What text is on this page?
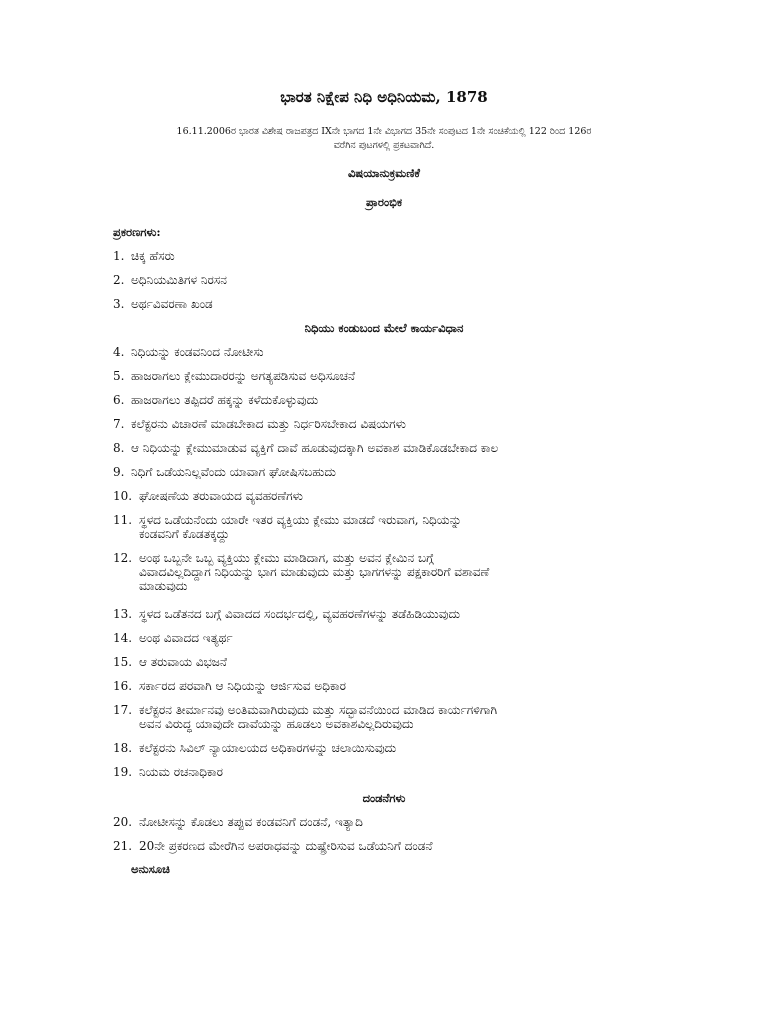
ಭಾರತ ನಿಕ್ಷೇಪ ನಿಧಿ ಅಧಿನಿಯಮ, 1878
16.11.2006ರ ಭಾರತ ವಿಶೇಷ ರಾಜಪತ್ರದ IXನೇ ಭಾಗದ 1ನೇ ವಿಭಾಗದ 35ನೇ ಸಂಪುಟದ 1ನೇ ಸಂಚಿಕೆಯಲ್ಲಿ 122 ರಿಂದ 126ರ
ವರೆಗಿನ ಪುಟಗಳಲ್ಲಿ ಪ್ರಕಟವಾಗಿದೆ.
ವಿಷಯಾನುಕ್ರಮಣಿಕೆ
ಪ್ರಾರಂಭಿಕ
ಪ್ರಕರಣಗಳು:
1. ಚಿಕ್ಕ ಹೆಸರು
2. ಅಧಿನಿಯಮಿತಿಗಳ ನಿರಸನ
3. ಅರ್ಥವಿವರಣಾ ಖಂಡ
ನಿಧಿಯು ಕಂಡುಬಂದ ಮೇಲೆ ಕಾರ್ಯವಿಧಾನ
4. ನಿಧಿಯನ್ನು ಕಂಡವನಿಂದ ನೋಟೀಸು
5. ಹಾಜರಾಗಲು ಕ್ಲೇಮುದಾರರನ್ನು ಅಗತ್ಯಪಡಿಸುವ ಅಧಿಸೂಚನೆ
6. ಹಾಜರಾಗಲು ತಪ್ಪಿದರೆ ಹಕ್ಕನ್ನು ಕಳೆದುಕೊಳ್ಳುವುದು
7. ಕಲೆಕ್ಟರನು ವಿಚಾರಣೆ ಮಾಡಬೇಕಾದ ಮತ್ತು ನಿರ್ಧರಿಸಬೇಕಾದ ವಿಷಯಗಳು
8. ಆ ನಿಧಿಯನ್ನು ಕ್ಲೇಮುಮಾಡುವ ವ್ಯಕ್ತಿಗೆ ದಾವೆ ಹೂಡುವುದಕ್ಕಾಗಿ ಅವಕಾಶ ಮಾಡಿಕೊಡಬೇಕಾದ ಕಾಲ
9. ನಿಧಿಗೆ ಒಡೆಯನಿಲ್ಲವೆಂದು ಯಾವಾಗ ಘೋಷಿಸಬಹುದು
10. ಘೋಷಣೆಯ ತರುವಾಯದ ವ್ಯವಹರಣೆಗಳು
11. ಸ್ಥಳದ ಒಡೆಯನೆಂದು ಯಾರೇ ಇತರ ವ್ಯಕ್ತಿಯು ಕ್ಲೇಮು ಮಾಡದೆ ಇರುವಾಗ, ನಿಧಿಯನ್ನು
ಕಂಡವನಿಗೆ ಕೊಡತಕ್ಕದ್ದು
12. ಅಂಥ ಒಬ್ಬನೇ ಒಬ್ಬ ವ್ಯಕ್ತಿಯು ಕ್ಲೇಮು ಮಾಡಿದಾಗ, ಮತ್ತು ಅವನ ಕ್ಲೇಮಿನ ಬಗ್ಗೆ
ವಿವಾದವಿಲ್ಲದಿದ್ದಾಗ ನಿಧಿಯನ್ನು ಭಾಗ ಮಾಡುವುದು ಮತ್ತು ಭಾಗಗಳನ್ನು ಪಕ್ಷಕಾರರಿಗೆ ವಶಾವಣೆ
ಮಾಡುವುದು
13. ಸ್ಥಳದ ಒಡೆತನದ ಬಗ್ಗೆ ವಿವಾದದ ಸಂದರ್ಭದಲ್ಲಿ, ವ್ಯವಹರಣೆಗಳನ್ನು ತಡೆಹಿಡಿಯುವುದು
14. ಅಂಥ ವಿವಾದದ ಇತ್ಯರ್ಥ
15. ಆ ತರುವಾಯ ವಿಭಜನೆ
16. ಸರ್ಕಾರದ ಪರವಾಗಿ ಆ ನಿಧಿಯನ್ನು ಆರ್ಜಿಸುವ ಅಧಿಕಾರ
17. ಕಲೆಕ್ಟರನ ತೀರ್ಮಾನವು ಅಂತಿಮವಾಗಿರುವುದು ಮತ್ತು ಸದ್ಭಾವನೆಯಿಂದ ಮಾಡಿದ ಕಾರ್ಯಗಳಿಗಾಗಿ
ಅವನ ವಿರುದ್ಧ ಯಾವುದೇ ದಾವೆಯನ್ನು ಹೂಡಲು ಅವಕಾಶವಿಲ್ಲದಿರುವುದು
18. ಕಲೆಕ್ಟರನು ಸಿವಿಲ್ ನ್ಯಾಯಾಲಯದ ಅಧಿಕಾರಗಳನ್ನು ಚಲಾಯಿಸುವುದು
19. ನಿಯಮ ರಚನಾಧಿಕಾರ
ದಂಡನೆಗಳು
20. ನೋಟೀಸನ್ನು ಕೊಡಲು ತಪ್ಪುವ ಕಂಡವನಿಗೆ ದಂಡನೆ, ಇತ್ಯಾದಿ
21. 20ನೇ ಪ್ರಕರಣದ ಮೇರೆಗಿನ ಅಪರಾಧವನ್ನು ದುಷ್ಪ್ರೇರಿಸುವ ಒಡೆಯನಿಗೆ ದಂಡನೆ
ಅನುಸೂಚಿ
